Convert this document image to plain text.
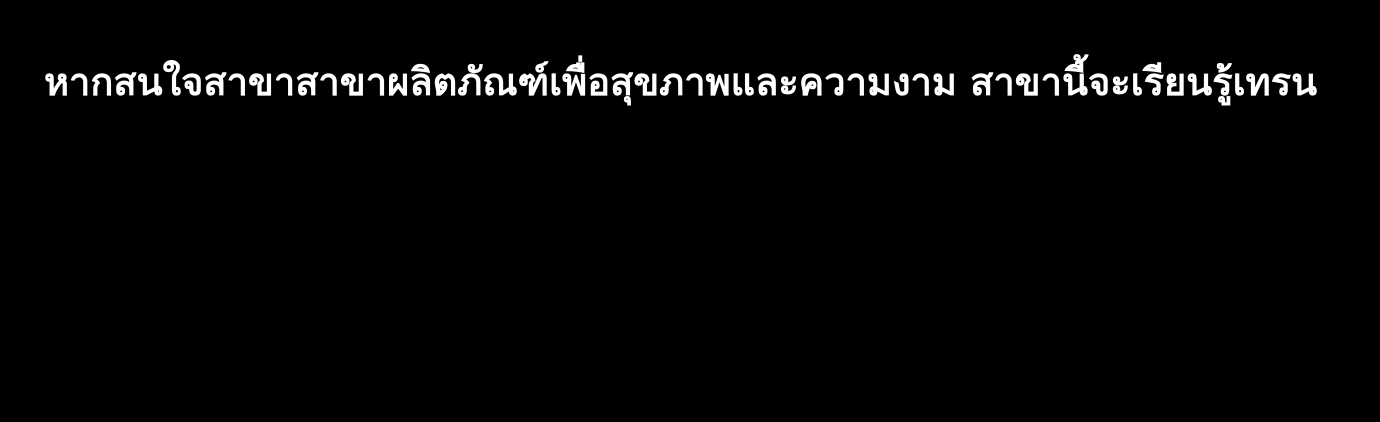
หากสนใจสาขาสาขาผลิตภัณฑ์เพื่อสุขภาพและความงาม สาขานี้จะเรียนรู้เทรน
